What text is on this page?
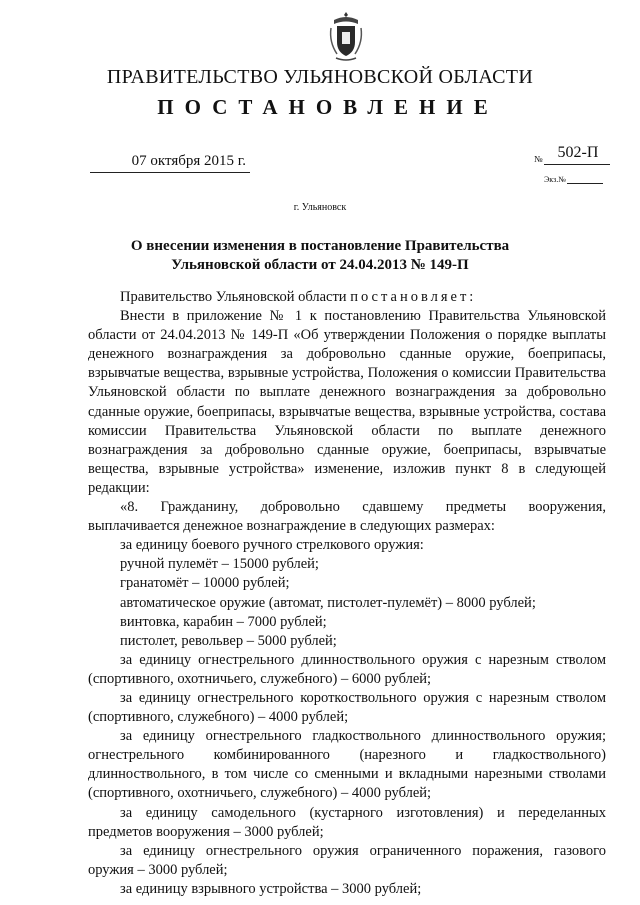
ПРАВИТЕЛЬСТВО УЛЬЯНОВСКОЙ ОБЛАСТИ
ПОСТАНОВЛЕНИЕ
07 октября 2015 г.	№ 502-П
Экз.№
г. Ульяновск
О внесении изменения в постановление Правительства
Ульяновской области от 24.04.2013 № 149-П

Правительство Ульяновской области постановляет:

Внести в приложение № 1 к постановлению Правительства Ульяновской области от 24.04.2013 № 149-П «Об утверждении Положения о порядке выплаты денежного вознаграждения за добровольно сданные оружие, боеприпасы, взрывчатые вещества, взрывные устройства, Положения о комиссии Правительства Ульяновской области по выплате денежного вознаграждения за добровольно сданные оружие, боеприпасы, взрывчатые вещества, взрывные устройства, состава комиссии Правительства Ульяновской области по выплате денежного вознаграждения за добровольно сданные оружие, боеприпасы, взрывчатые вещества, взрывные устройства» изменение, изложив пункт 8 в следующей редакции:

«8. Гражданину, добровольно сдавшему предметы вооружения, выплачивается денежное вознаграждение в следующих размерах:

за единицу боевого ручного стрелкового оружия:

ручной пулемёт – 15000 рублей;

гранатомёт – 10000 рублей;

автоматическое оружие (автомат, пистолет-пулемёт) – 8000 рублей;

винтовка, карабин – 7000 рублей;

пистолет, револьвер – 5000 рублей;

за единицу огнестрельного длинноствольного оружия с нарезным стволом (спортивного, охотничьего, служебного) – 6000 рублей;

за единицу огнестрельного короткоствольного оружия с нарезным стволом (спортивного, служебного) – 4000 рублей;

за единицу огнестрельного гладкоствольного длинноствольного оружия; огнестрельного комбинированного (нарезного и гладкоствольного) длинноствольного, в том числе со сменными и вкладными нарезными стволами (спортивного, охотничьего, служебного) – 4000 рублей;

за единицу самодельного (кустарного изготовления) и переделанных предметов вооружения – 3000 рублей;

за единицу огнестрельного оружия ограниченного поражения, газового оружия – 3000 рублей;

за единицу взрывного устройства – 3000 рублей;
